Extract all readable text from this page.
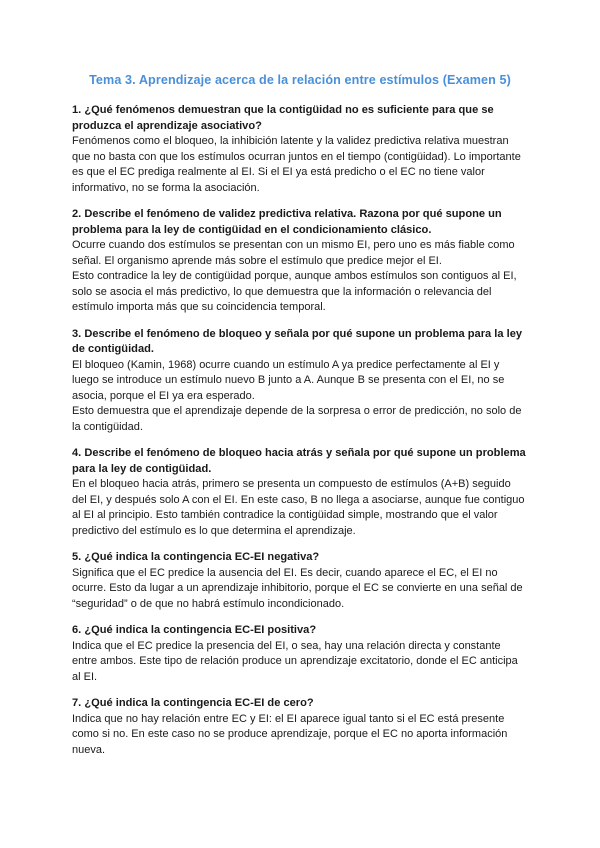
Tema 3. Aprendizaje acerca de la relación entre estímulos (Examen 5)

1. ¿Qué fenómenos demuestran que la contigüidad no es suficiente para que se produzca el aprendizaje asociativo?

Fenómenos como el bloqueo, la inhibición latente y la validez predictiva relativa muestran que no basta con que los estímulos ocurran juntos en el tiempo (contigüidad). Lo importante es que el EC prediga realmente al EI. Si el EI ya está predicho o el EC no tiene valor informativo, no se forma la asociación.

2. Describe el fenómeno de validez predictiva relativa. Razona por qué supone un problema para la ley de contigüidad en el condicionamiento clásico.

Ocurre cuando dos estímulos se presentan con un mismo EI, pero uno es más fiable como señal. El organismo aprende más sobre el estímulo que predice mejor el EI.

Esto contradice la ley de contigüidad porque, aunque ambos estímulos son contiguos al EI, solo se asocia el más predictivo, lo que demuestra que la información o relevancia del estímulo importa más que su coincidencia temporal.

3. Describe el fenómeno de bloqueo y señala por qué supone un problema para la ley de contigüidad.

El bloqueo (Kamin, 1968) ocurre cuando un estímulo A ya predice perfectamente al EI y luego se introduce un estímulo nuevo B junto a A. Aunque B se presenta con el EI, no se asocia, porque el EI ya era esperado.

Esto demuestra que el aprendizaje depende de la sorpresa o error de predicción, no solo de la contigüidad.

4. Describe el fenómeno de bloqueo hacia atrás y señala por qué supone un problema para la ley de contigüidad.

En el bloqueo hacia atrás, primero se presenta un compuesto de estímulos (A+B) seguido del EI, y después solo A con el EI. En este caso, B no llega a asociarse, aunque fue contiguo al EI al principio. Esto también contradice la contigüidad simple, mostrando que el valor predictivo del estímulo es lo que determina el aprendizaje.

5. ¿Qué indica la contingencia EC-EI negativa?

Significa que el EC predice la ausencia del EI. Es decir, cuando aparece el EC, el EI no ocurre. Esto da lugar a un aprendizaje inhibitorio, porque el EC se convierte en una señal de “seguridad” o de que no habrá estímulo incondicionado.

6. ¿Qué indica la contingencia EC-EI positiva?

Indica que el EC predice la presencia del EI, o sea, hay una relación directa y constante entre ambos. Este tipo de relación produce un aprendizaje excitatorio, donde el EC anticipa al EI.

7. ¿Qué indica la contingencia EC-EI de cero?

Indica que no hay relación entre EC y EI: el EI aparece igual tanto si el EC está presente como si no. En este caso no se produce aprendizaje, porque el EC no aporta información nueva.
